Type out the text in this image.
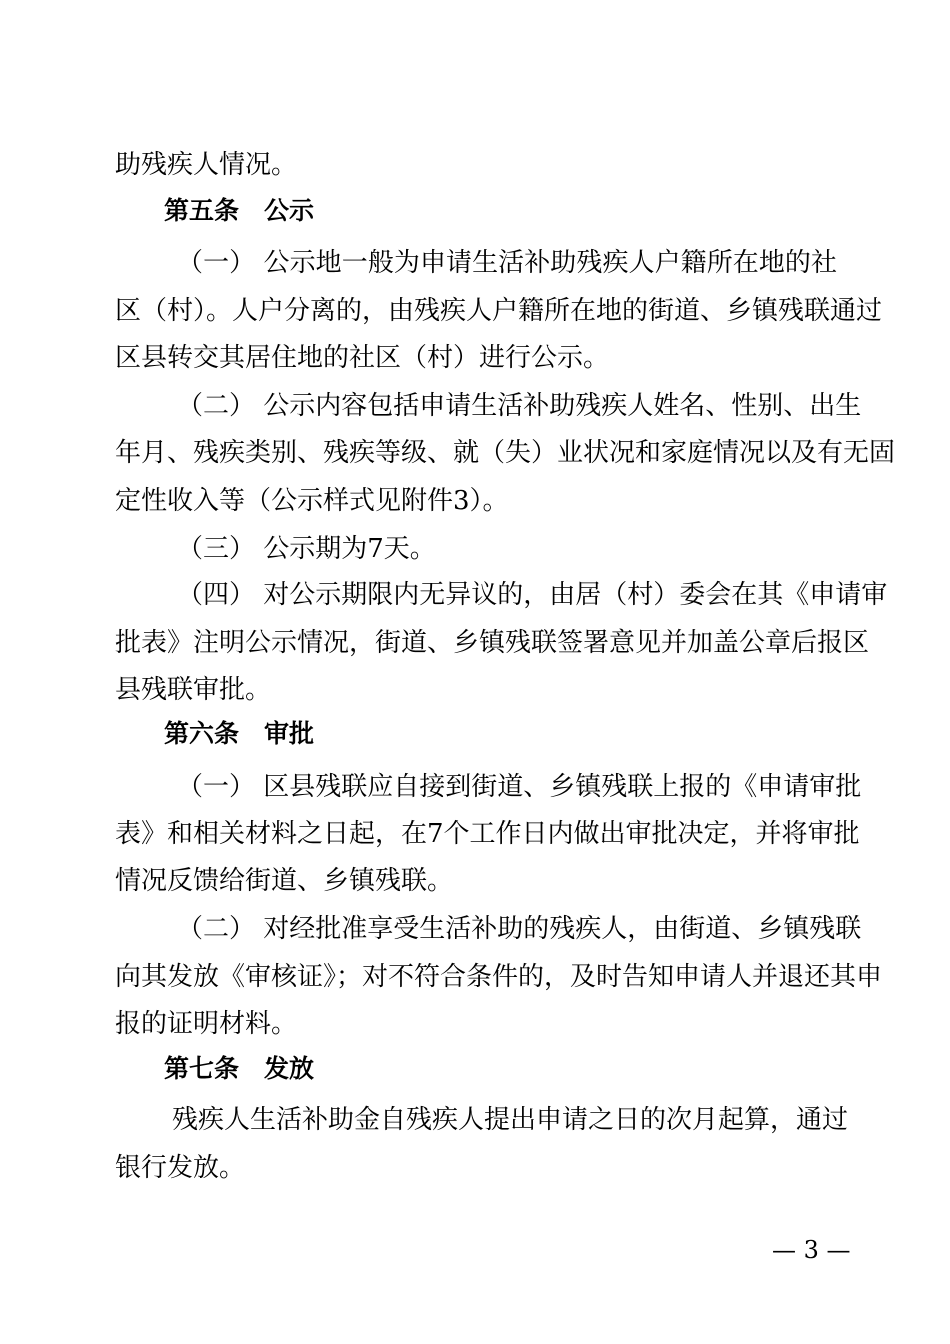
助残疾人情况。

第五条　公示

（一） 公示地一般为申请生活补助残疾人户籍所在地的社

区（村）。人户分离的，由残疾人户籍所在地的街道、乡镇残联通过

区县转交其居住地的社区（村）进行公示。

（二） 公示内容包括申请生活补助残疾人姓名、性别、出生

年月、残疾类别、残疾等级、就（失）业状况和家庭情况以及有无固

定性收入等（公示样式见附件3）。

（三） 公示期为7天。

（四） 对公示期限内无异议的，由居（村）委会在其《申请审

批表》注明公示情况，街道、乡镇残联签署意见并加盖公章后报区

县残联审批。

第六条　审批

（一） 区县残联应自接到街道、乡镇残联上报的《申请审批

表》和相关材料之日起，在7个工作日内做出审批决定，并将审批

情况反馈给街道、乡镇残联。

（二） 对经批准享受生活补助的残疾人，由街道、乡镇残联

向其发放《审核证》；对不符合条件的，及时告知申请人并退还其申

报的证明材料。

第七条　发放

残疾人生活补助金自残疾人提出申请之日的次月起算，通过

银行发放。

— 3 —
